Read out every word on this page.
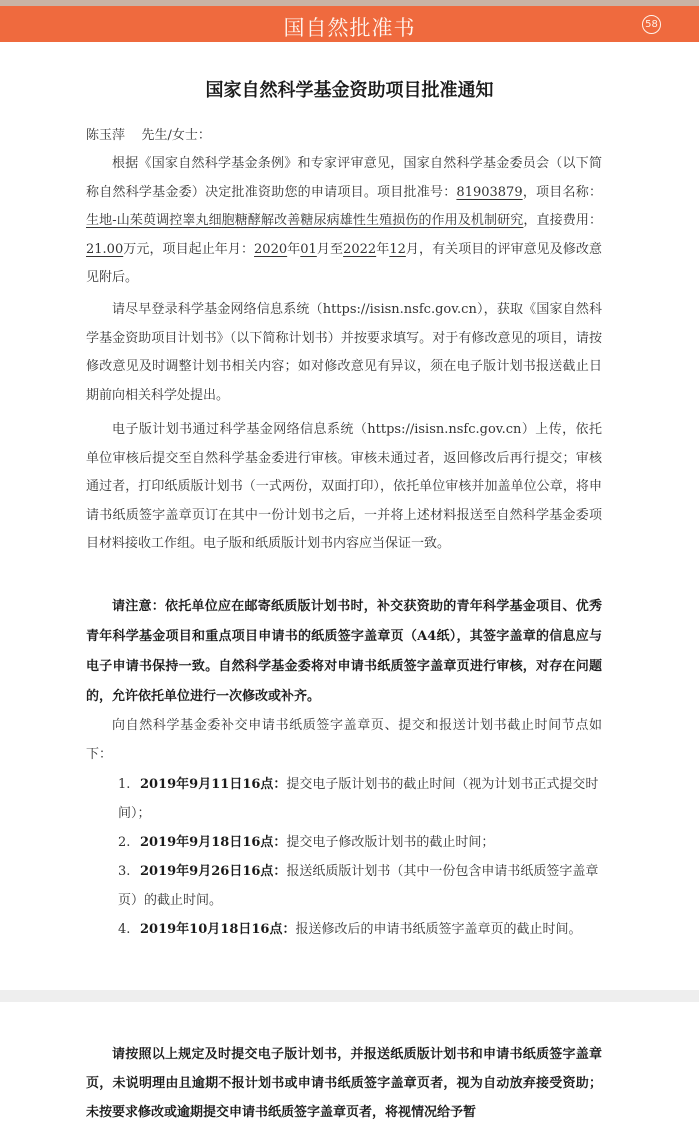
国自然批准书	58
国家自然科学基金资助项目批准通知
陈玉萍 先生/女士：
根据《国家自然科学基金条例》和专家评审意见，国家自然科学基金委员会（以下简称自然科学基金委）决定批准资助您的申请项目。项目批准号：81903879，项目名称：生地-山茱萸调控睾丸细胞糖酵解改善糖尿病雄性生殖损伤的作用及机制研究，直接费用：21.00万元，项目起止年月：2020年01月至2022年12月，有关项目的评审意见及修改意见附后。
请尽早登录科学基金网络信息系统（https://isisn.nsfc.gov.cn），获取《国家自然科学基金资助项目计划书》（以下简称计划书）并按要求填写。对于有修改意见的项目，请按修改意见及时调整计划书相关内容；如对修改意见有异议，须在电子版计划书报送截止日期前向相关科学处提出。
电子版计划书通过科学基金网络信息系统（https://isisn.nsfc.gov.cn）上传，依托单位审核后提交至自然科学基金委进行审核。审核未通过者，返回修改后再行提交；审核通过者，打印纸质版计划书（一式两份，双面打印），依托单位审核并加盖单位公章，将申请书纸质签字盖章页订在其中一份计划书之后，一并将上述材料报送至自然科学基金委项目材料接收工作组。电子版和纸质版计划书内容应当保证一致。
请注意：依托单位应在邮寄纸质版计划书时，补交获资助的青年科学基金项目、优秀青年科学基金项目和重点项目申请书的纸质签字盖章页（A4纸），其签字盖章的信息应与电子申请书保持一致。自然科学基金委将对申请书纸质签字盖章页进行审核，对存在问题的，允许依托单位进行一次修改或补齐。
向自然科学基金委补交申请书纸质签字盖章页、提交和报送计划书截止时间节点如下：
1. 2019年9月11日16点：提交电子版计划书的截止时间（视为计划书正式提交时间）；
2. 2019年9月18日16点：提交电子修改版计划书的截止时间；
3. 2019年9月26日16点：报送纸质版计划书（其中一份包含申请书纸质签字盖章页）的截止时间。
4. 2019年10月18日16点：报送修改后的申请书纸质签字盖章页的截止时间。
请按照以上规定及时提交电子版计划书，并报送纸质版计划书和申请书纸质签字盖章页，未说明理由且逾期不报计划书或申请书纸质签字盖章页者，视为自动放弃接受资助；未按要求修改或逾期提交申请书纸质签字盖章页者，将视情况给予暂
